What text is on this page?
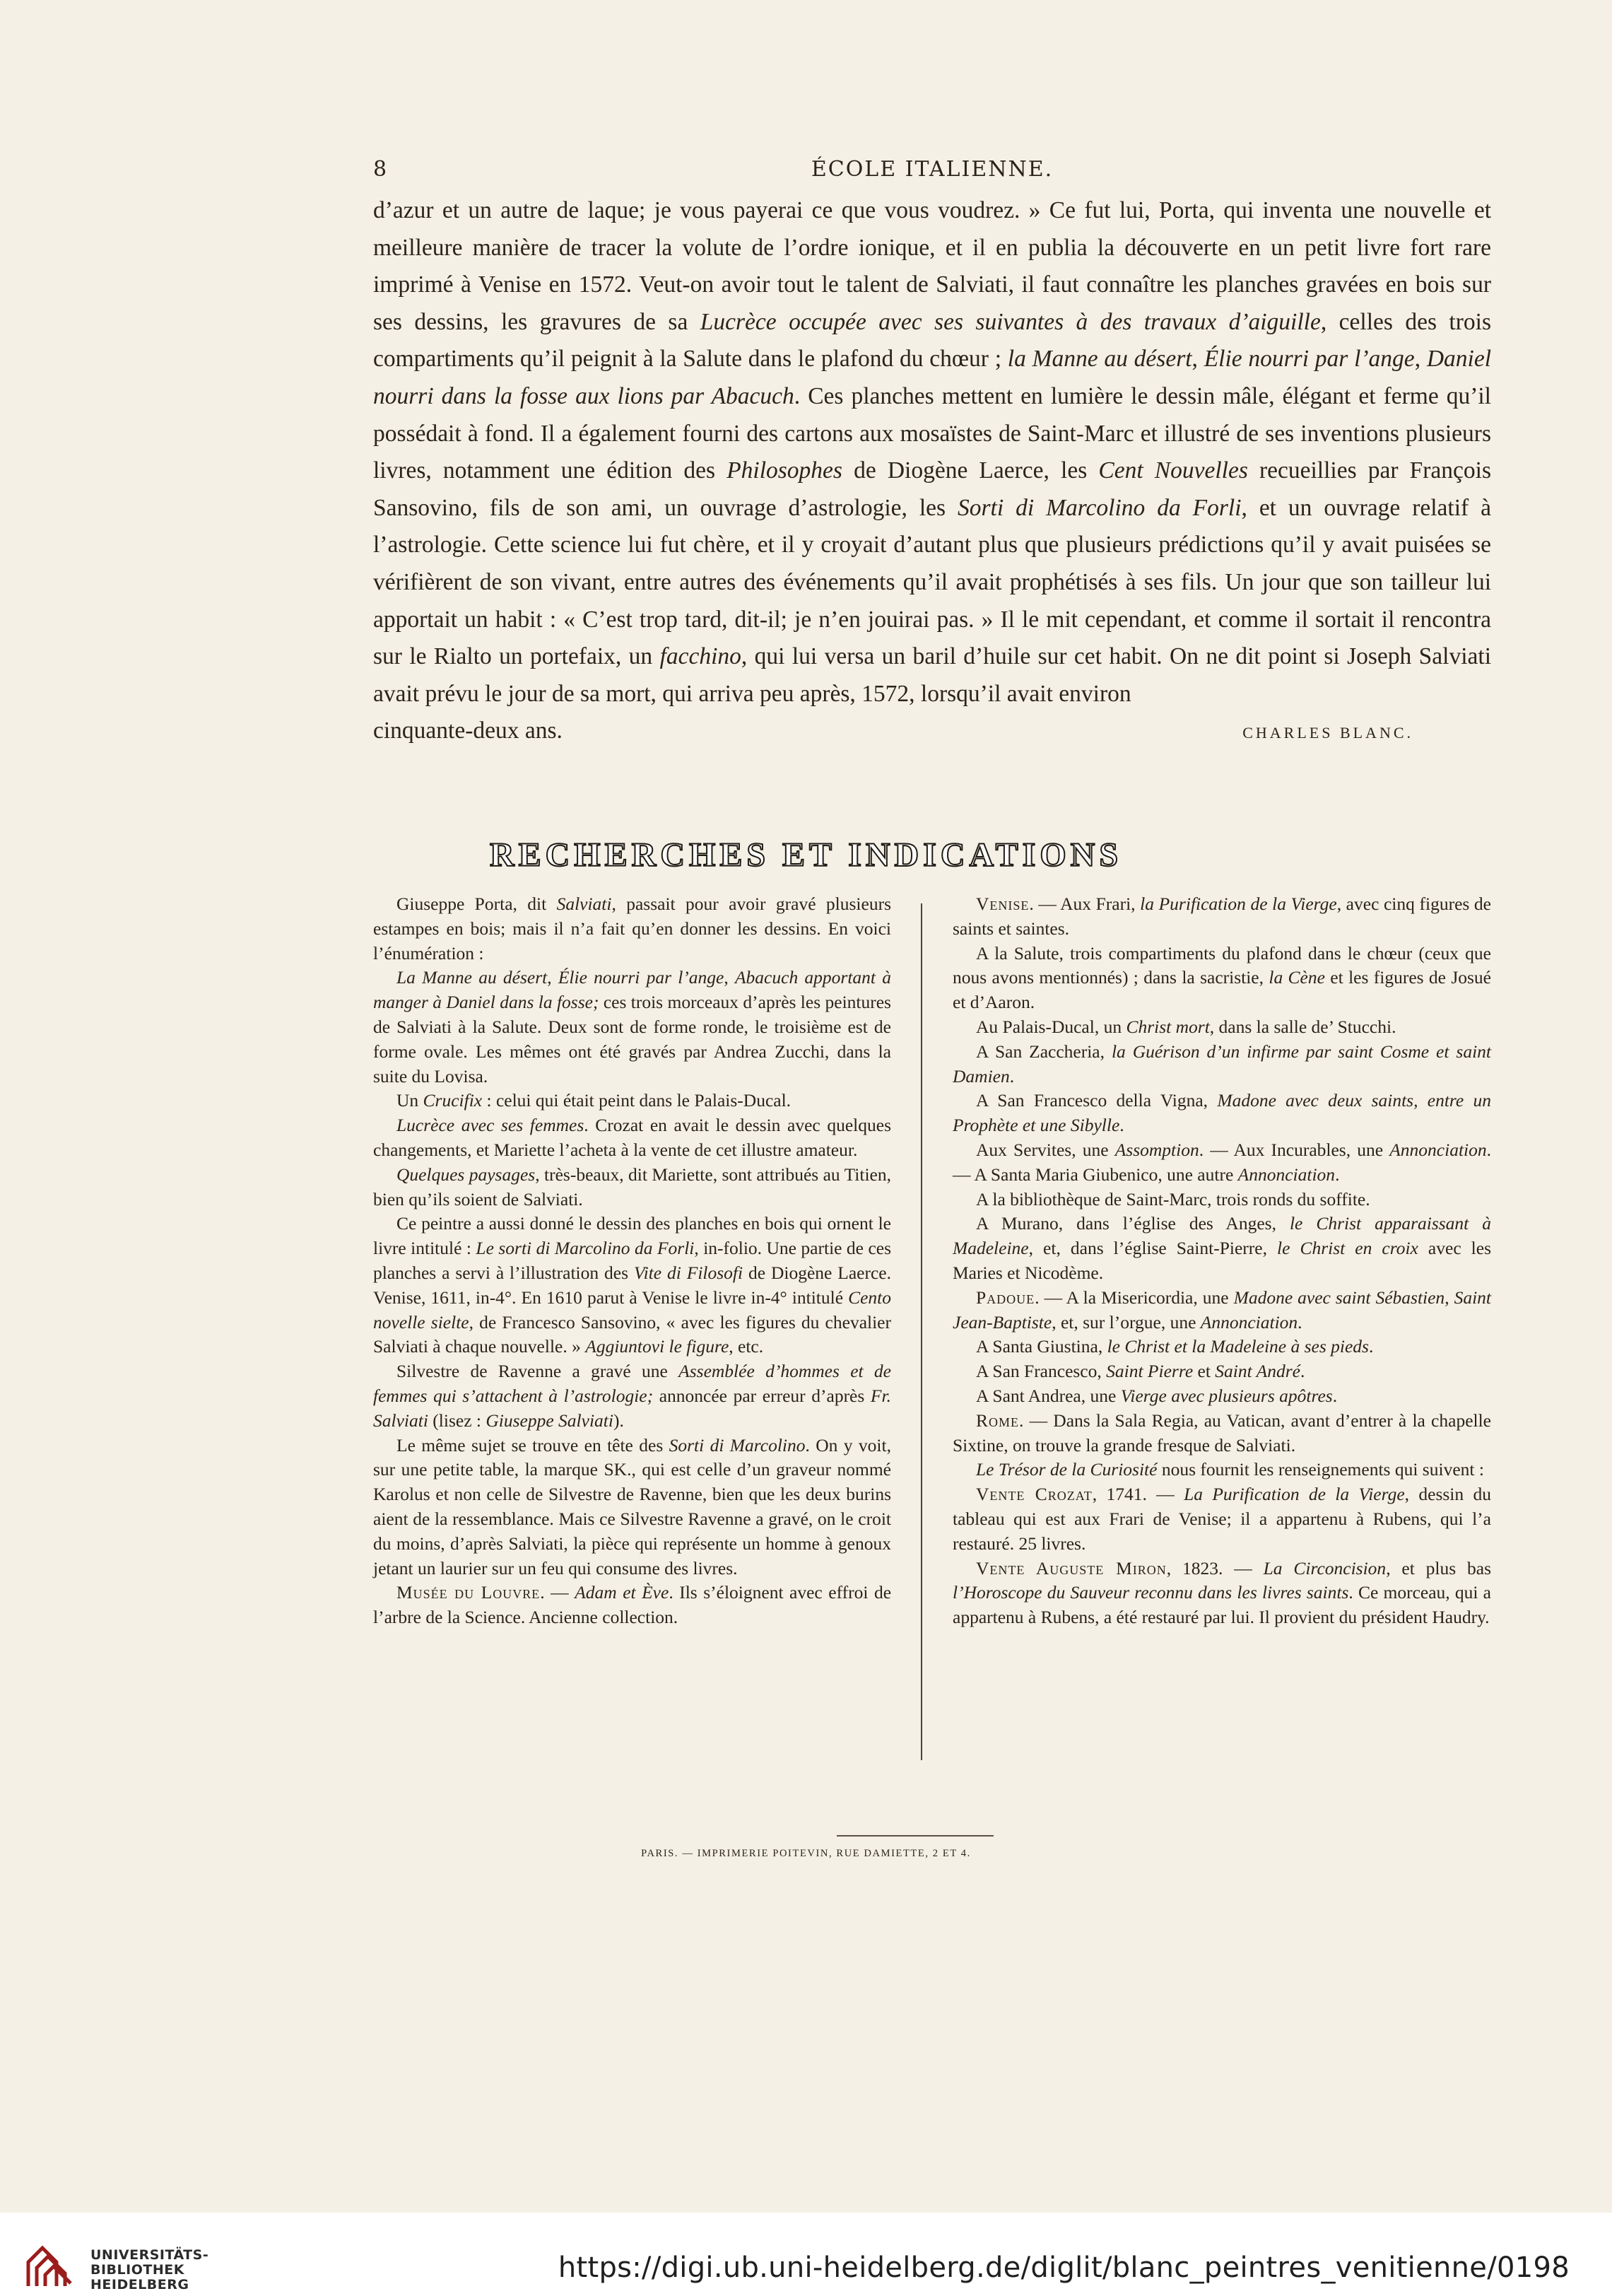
8	ÉCOLE ITALIENNE.

d’azur et un autre de laque; je vous payerai ce que vous voudrez. » Ce fut lui, Porta, qui inventa une nouvelle et meilleure manière de tracer la volute de l’ordre ionique, et il en publia la découverte en un petit livre fort rare imprimé à Venise en 1572. Veut-on avoir tout le talent de Salviati, il faut connaître les planches gravées en bois sur ses dessins, les gravures de sa Lucrèce occupée avec ses suivantes à des travaux d’aiguille, celles des trois compartiments qu’il peignit à la Salute dans le plafond du chœur ; la Manne au désert, Élie nourri par l’ange, Daniel nourri dans la fosse aux lions par Abacuch. Ces planches mettent en lumière le dessin mâle, élégant et ferme qu’il possédait à fond. Il a également fourni des cartons aux mosaïstes de Saint-Marc et illustré de ses inventions plusieurs livres, notamment une édition des Philosophes de Diogène Laerce, les Cent Nouvelles recueillies par François Sansovino, fils de son ami, un ouvrage d’astrologie, les Sorti di Marcolino da Forli, et un ouvrage relatif à l’astrologie. Cette science lui fut chère, et il y croyait d’autant plus que plusieurs prédictions qu’il y avait puisées se vérifièrent de son vivant, entre autres des événements qu’il avait prophétisés à ses fils. Un jour que son tailleur lui apportait un habit : « C’est trop tard, dit-il; je n’en jouirai pas. » Il le mit cependant, et comme il sortait il rencontra sur le Rialto un portefaix, un facchino, qui lui versa un baril d’huile sur cet habit. On ne dit point si Joseph Salviati avait prévu le jour de sa mort, qui arriva peu après, 1572, lorsqu’il avait environ

cinquante-deux ans.	CHARLES BLANC.
RECHERCHES ET INDICATIONS

Giuseppe Porta, dit Salviati, passait pour avoir gravé plusieurs estampes en bois; mais il n’a fait qu’en donner les dessins. En voici l’énumération :

La Manne au désert, Élie nourri par l’ange, Abacuch apportant à manger à Daniel dans la fosse; ces trois morceaux d’après les peintures de Salviati à la Salute. Deux sont de forme ronde, le troisième est de forme ovale. Les mêmes ont été gravés par Andrea Zucchi, dans la suite du Lovisa.

Un Crucifix : celui qui était peint dans le Palais-Ducal.

Lucrèce avec ses femmes. Crozat en avait le dessin avec quelques changements, et Mariette l’acheta à la vente de cet illustre amateur.

Quelques paysages, très-beaux, dit Mariette, sont attribués au Titien, bien qu’ils soient de Salviati.

Ce peintre a aussi donné le dessin des planches en bois qui ornent le livre intitulé : Le sorti di Marcolino da Forli, in-folio. Une partie de ces planches a servi à l’illustration des Vite di Filosofi de Diogène Laerce. Venise, 1611, in-4°. En 1610 parut à Venise le livre in-4° intitulé Cento novelle sielte, de Francesco Sansovino, « avec les figures du chevalier Salviati à chaque nouvelle. » Aggiuntovi le figure, etc.

Silvestre de Ravenne a gravé une Assemblée d’hommes et de femmes qui s’attachent à l’astrologie; annoncée par erreur d’après Fr. Salviati (lisez : Giuseppe Salviati).

Le même sujet se trouve en tête des Sorti di Marcolino. On y voit, sur une petite table, la marque SK., qui est celle d’un graveur nommé Karolus et non celle de Silvestre de Ravenne, bien que les deux burins aient de la ressemblance. Mais ce Silvestre Ravenne a gravé, on le croit du moins, d’après Salviati, la pièce qui représente un homme à genoux jetant un laurier sur un feu qui consume des livres.

Musée du Louvre. — Adam et Ève. Ils s’éloignent avec effroi de l’arbre de la Science. Ancienne collection.

Venise. — Aux Frari, la Purification de la Vierge, avec cinq figures de saints et saintes.

A la Salute, trois compartiments du plafond dans le chœur (ceux que nous avons mentionnés) ; dans la sacristie, la Cène et les figures de Josué et d’Aaron.

Au Palais-Ducal, un Christ mort, dans la salle de’ Stucchi.

A San Zaccheria, la Guérison d’un infirme par saint Cosme et saint Damien.

A San Francesco della Vigna, Madone avec deux saints, entre un Prophète et une Sibylle.

Aux Servites, une Assomption. — Aux Incurables, une Annonciation. — A Santa Maria Giubenico, une autre Annonciation.

A la bibliothèque de Saint-Marc, trois ronds du soffite.

A Murano, dans l’église des Anges, le Christ apparaissant à Madeleine, et, dans l’église Saint-Pierre, le Christ en croix avec les Maries et Nicodème.

Padoue. — A la Misericordia, une Madone avec saint Sébastien, Saint Jean-Baptiste, et, sur l’orgue, une Annonciation.

A Santa Giustina, le Christ et la Madeleine à ses pieds.

A San Francesco, Saint Pierre et Saint André.

A Sant Andrea, une Vierge avec plusieurs apôtres.

Rome. — Dans la Sala Regia, au Vatican, avant d’entrer à la chapelle Sixtine, on trouve la grande fresque de Salviati.

Le Trésor de la Curiosité nous fournit les renseignements qui suivent :

Vente Crozat, 1741. — La Purification de la Vierge, dessin du tableau qui est aux Frari de Venise; il a appartenu à Rubens, qui l’a restauré. 25 livres.

Vente Auguste Miron, 1823. — La Circoncision, et plus bas l’Horoscope du Sauveur reconnu dans les livres saints. Ce morceau, qui a appartenu à Rubens, a été restauré par lui. Il provient du président Haudry.

PARIS. — IMPRIMERIE POITEVIN, RUE DAMIETTE, 2 ET 4.
UNIVERSITÄTS-
BIBLIOTHEK
HEIDELBERG
https://digi.ub.uni-heidelberg.de/diglit/blanc_peintres_venitienne/0198
